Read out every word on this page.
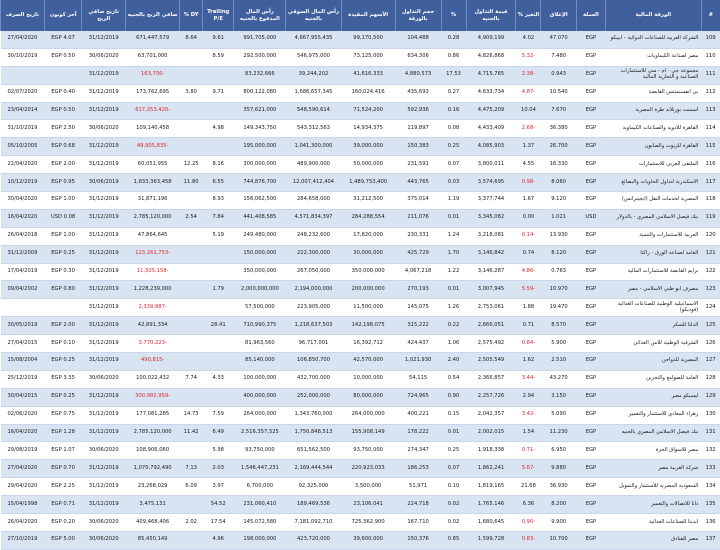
#	الورقة المالية	العملة	الإغلاق	التغير %	قيمة التداول بالجنيه	%	حجم التداول بالورقة	الأسهم المقيدة	رأس المال السوقي بالجنيه	رأس المال المدفوع بالجنيه	Trailing P/E	DY %	صافي الربح بالجنيه	تاريخ صافي الربح	آخر كوبون	تاريخ الصرف
109	الشركة العربية للصناعات الدوائية - ايبيكو	EGP	47.070	4.02	4,909,199	0.28	104,488	99,170,500	4,667,955,435	991,705,000	9.61	8.64	671,447,579	31/12/2019	EGP 4.07	27/04/2020
110	مصر لصناعة الكيماويات	EGP	7.480	-5.32	4,826,868	0.86	634,306	73,125,000	546,975,000	292,500,000	8.59		63,701,000	30/06/2020	EGP 0.50	30/10/2019
111	مجموعة جي - ام - سي للاستثمارات الصناعية و التجارية المالية	EGP	0.943	-2.38	4,715,765	17.53	4,880,573	41,616,333	39,244,202	83,232,666			-163,756	31/12/2019		
112	بي انفستمنتس القابضة	EGP	10.540	-4.87	4,633,734	0.27	435,693	160,024,416	1,686,657,345	800,122,080	9.71	3.80	173,762,695	31/12/2019	EGP 0.40	02/07/2020
113	اسمنت بورتلاند طرة المصرية	EGP	7.670	10.04	4,475,209	0.16	592,936	71,524,200	548,590,614	357,621,000			-617,253,420	31/12/2019	EGP 0.50	23/04/2014
114	القاهرة للادوية والصناعات الكيماوية	EGP	36.380	-2.68	4,433,409	0.08	119,897	14,934,375	543,312,563	149,343,750	4.98		109,140,458	30/06/2020	EGP 2.50	31/10/2019
115	القاهرة للزيوت والصابون	EGP	26.700	1.37	4,085,903	0.25	150,383	39,000,000	1,041,300,000	195,000,000			-49,905,835	31/12/2019	EGP 0.68	05/10/2005
116	الملتقى العربي للاستثمارات	EGP	16.330	4.55	3,800,011	0.07	231,591	50,000,000	489,900,000	300,000,000	8.16	12.25	60,051,955	31/12/2019	EGP 2.00	22/04/2020
117	الاسكندرية لتداول الحاويات والبضائع	EGP	8.060	-0.98	3,574,695	0.03	443,765	1,489,753,400	12,007,412,404	744,876,700	6.55	11.80	1,833,363,458	30/06/2019	EGP 0.95	10/12/2019
118	المصرية لخدمات النقل (ايجيترانس)	EGP	9.120	1.67	3,377,744	1.19	375,014	31,212,500	284,658,000	156,062,500	8.93		31,871,196	31/12/2019	EGP 1.00	30/04/2020
119	بنك فيصل الاسلامي المصري - بالدولار	USD	1.021	0.00	3,345,082	0.01	211,076	284,288,554	4,571,834,397	441,408,585	7.84	2.54	2,785,120,000	31/12/2019	USD 0.08	16/04/2020
120	العربية للاستثمارات والتنمية	EGP	13.930	-0.14	3,218,081	1.24	230,331	17,820,000	248,232,600	249,480,000	5.19		47,864,645	31/12/2019	EGP 1.00	26/04/2018
121	العامة لصناعة الورق - راكتا	EGP	8.120	0.74	3,146,842	1.70	425,729	30,000,000	222,300,000	150,000,000			-123,261,753	31/12/2019	EGP 0.25	31/12/2009
122	برايم القابضة للاستثمارات المالية	EGP	0.763	-4.86	3,146,287	1.22	4,067,218	350,000,000	267,050,000	350,000,000			-11,505,158	31/12/2019	EGP 0.30	17/04/2019
123	مصرف ابو ظبي الاسلامي - مصر	EGP	10.970	-5.59	3,007,945	0.01	270,193	200,000,000	2,194,000,000	2,000,000,000	1.79		1,228,239,000	31/12/2019	EGP 0.80	09/04/2002
124	الاسماعيلية الوطنية للصناعات الغذائية (فوديكو)	EGP	19.470	1.88	2,753,061	1.26	145,075	11,500,000	223,905,000	57,500,000			-2,339,887	31/12/2019		
125	الدلتا للسكر	EGP	8.570	0.71	2,666,051	0.22	315,222	142,198,075	1,218,637,503	710,990,375	28.41		42,891,334	31/12/2019	EGP 2.00	30/05/2019
126	الشرقية الوطنية للامن الغذائي	EGP	5.900	-0.84	2,575,492	1.06	424,437	16,392,712	96,717,001	81,963,560			-3,770,223	31/12/2019	EGP 0.10	27/04/2015
127	المصرية للدواجن	EGP	2.510	1.62	2,505,549	2.40	1,021,930	42,570,000	106,850,700	85,140,000			-490,815	31/12/2019	EGP 0.25	15/08/2004
128	العامة للصوامع والتخزين	EGP	43.270	-3.44	2,366,857	0.54	54,115	10,000,000	432,700,000	100,000,000	4.33	7.74	100,022,432	30/06/2020	EGP 3.35	25/12/2019
129	ليسيكو مصر	EGP	3.150	2.94	2,257,726	0.90	724,965	80,000,000	252,000,000	400,000,000			-300,982,959	31/12/2019	EGP 0.25	30/04/2015
130	زهراء المعادي للاستثمار والتعمير	EGP	5.090	-3.42	2,042,357	0.15	400,221	264,000,000	1,343,760,000	264,000,000	7.59	14.73	177,081,285	31/12/2019	EGP 0.75	02/06/2020
131	بنك فيصل الاسلامي المصري بالجنيه	EGP	11.230	1.54	2,002,015	0.01	178,222	155,908,149	1,750,848,513	2,516,357,525	6.49	11.42	2,785,120,000	31/12/2019	EGP 1.28	16/04/2020
132	مصر للاسواق الحرة	EGP	6.950	-0.71	1,918,338	0.25	274,347	93,750,000	651,562,500	93,750,000	5.98		108,906,060	30/06/2020	EGP 1.07	29/08/2019
133	شركة الغربية مصر	EGP	9.880	-5.67	1,862,241	0.07	186,253	220,923,033	2,169,444,544	1,546,447,231	2.03	7.13	1,070,792,490	31/12/2019	EGP 0.70	27/04/2020
134	السعودية المصرية للاستثمار والتمويل	EGP	36.930	21.68	1,819,165	0.10	51,971	3,500,000	92,325,000	6,700,000	3.97	6.09	23,268,029	31/12/2019	EGP 2.25	29/04/2020
135	دانا للاتصالات والتعمير	EGP	8.200	6.36	1,765,146	0.02	224,718	23,106,041	189,469,536	231,060,410	54.52		3,475,131	31/12/2019	EGP 0.71	15/04/1998
136	ايديتا للصناعات الغذائية	EGP	9.900	-0.90	1,680,645	0.02	167,710	725,362,900	7,181,092,710	145,072,580	17.54	2.02	409,468,406	30/06/2020	EGP 0.20	26/04/2020
137	مصر للفنادق	EGP	10.700	-0.83	1,599,728	0.85	150,376	39,600,000	423,720,000	198,000,000	4.96		85,450,149	30/06/2020	EGP 5.00	27/10/2019
